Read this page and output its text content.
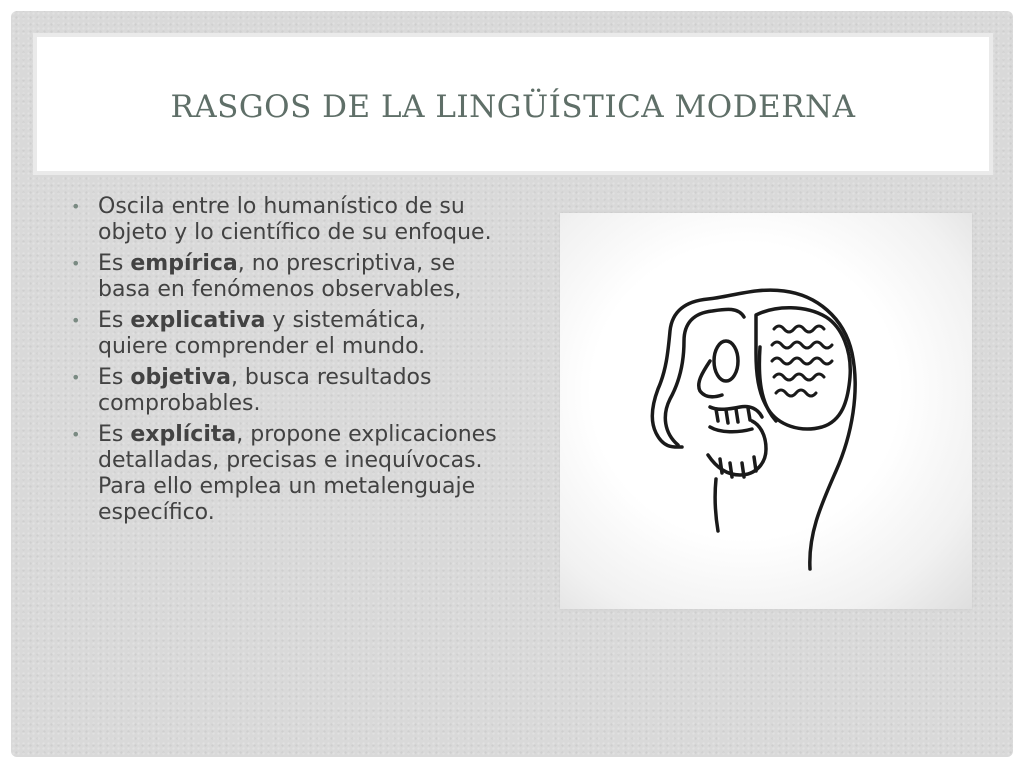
RASGOS DE LA LINGÜÍSTICA MODERNA
• Oscila entre lo humanístico de su objeto y lo científico de su enfoque.
• Es empírica, no prescriptiva, se basa en fenómenos observables,
• Es explicativa y sistemática, quiere comprender el mundo.
• Es objetiva, busca resultados comprobables.
• Es explícita, propone explicaciones detalladas, precisas e inequívocas. Para ello emplea un metalenguaje específico.
